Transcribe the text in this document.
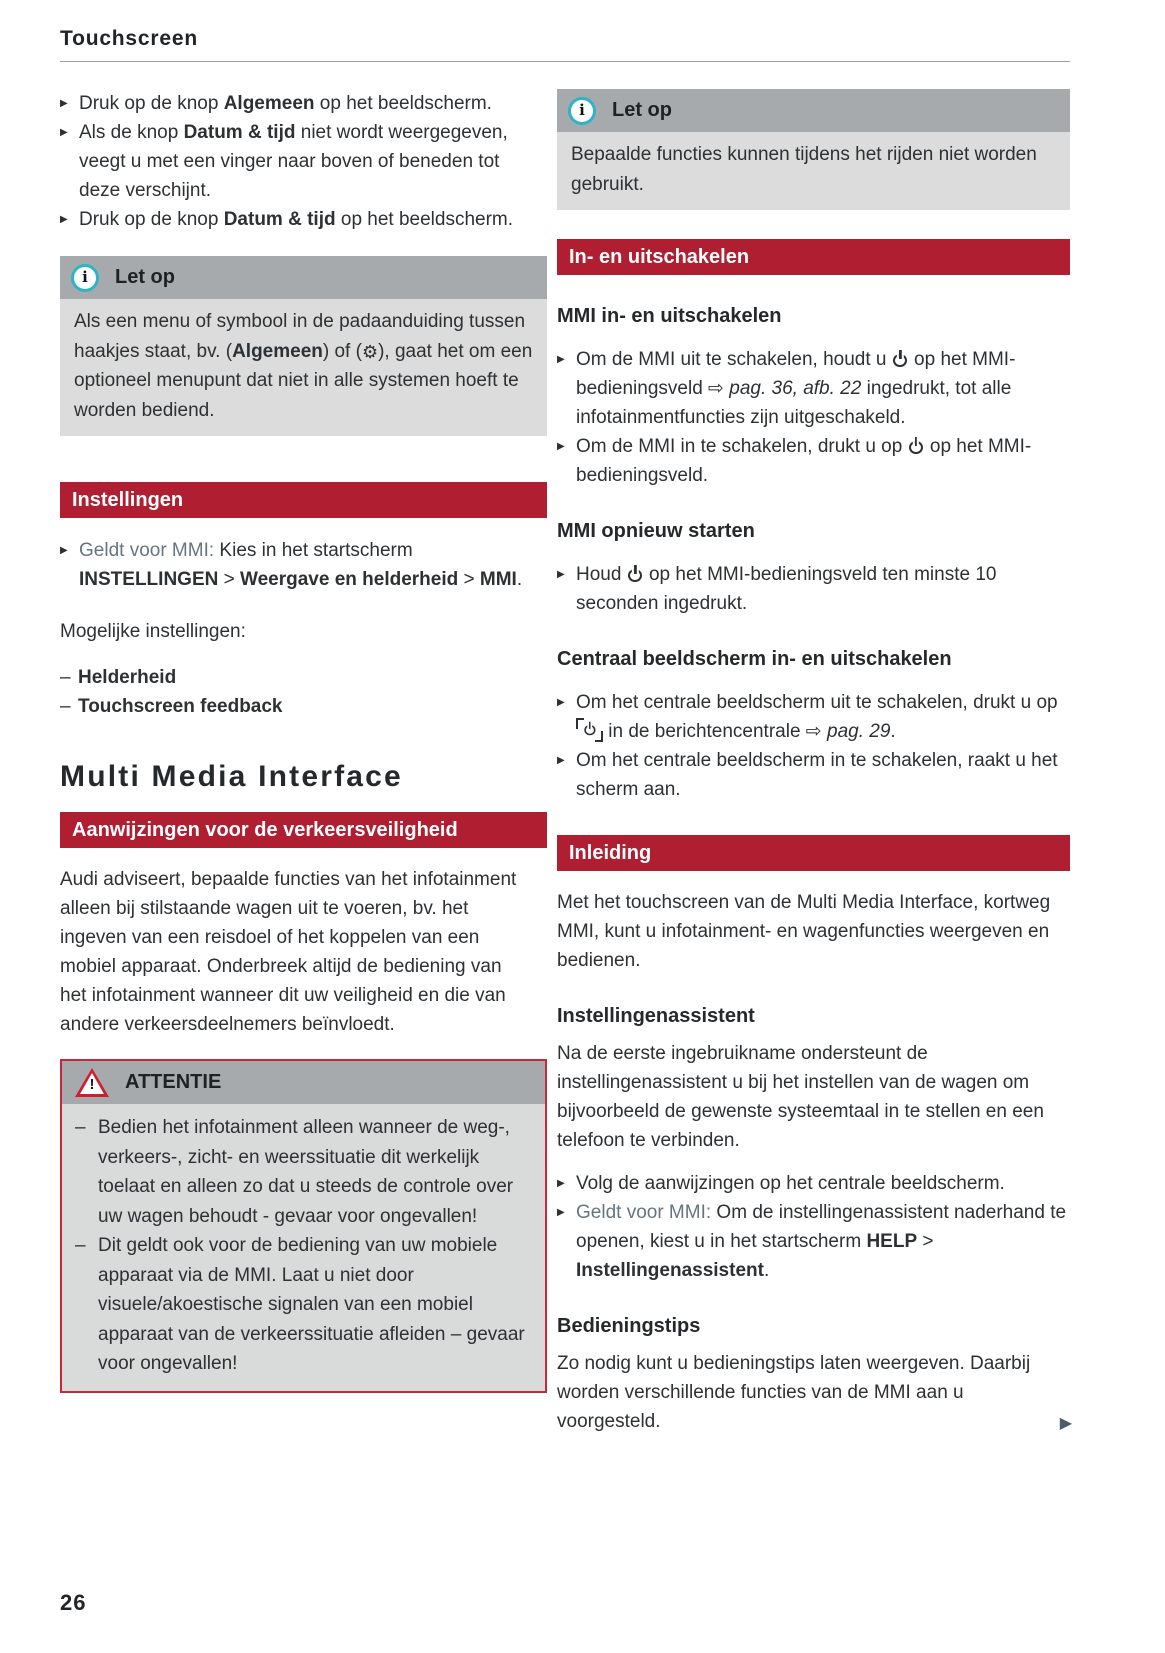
Touchscreen
▶ Druk op de knop Algemeen op het beeldscherm.
▶ Als de knop Datum & tijd niet wordt weergegeven, veegt u met een vinger naar boven of beneden tot deze verschijnt.
▶ Druk op de knop Datum & tijd op het beeldscherm.
i
Let op
Als een menu of symbool in de padaanduiding tussen haakjes staat, bv. (Algemeen) of (⚙), gaat het om een optioneel menupunt dat niet in alle systemen hoeft te worden bediend.
Instellingen
▶ Geldt voor MMI: Kies in het startscherm INSTELLINGEN > Weergave en helderheid > MMI.

Mogelijke instellingen:

– Helderheid
– Touchscreen feedback
Multi Media Interface
Aanwijzingen voor de verkeersveiligheid

Audi adviseert, bepaalde functies van het infotainment alleen bij stilstaande wagen uit te voeren, bv. het ingeven van een reisdoel of het koppelen van een mobiel apparaat. Onderbreek altijd de bediening van het infotainment wanneer dit uw veiligheid en die van andere verkeersdeelnemers beïnvloedt.

!
ATTENTIE
– Bedien het infotainment alleen wanneer de weg-, verkeers-, zicht- en weerssituatie dit werkelijk toelaat en alleen zo dat u steeds de controle over uw wagen behoudt - gevaar voor ongevallen!
– Dit geldt ook voor de bediening van uw mobiele apparaat via de MMI. Laat u niet door visuele/akoestische signalen van een mobiel apparaat van de verkeerssituatie afleiden – gevaar voor ongevallen!
i
Let op
Bepaalde functies kunnen tijdens het rijden niet worden gebruikt.
In- en uitschakelen
MMI in- en uitschakelen
▶ Om de MMI uit te schakelen, houdt u  op het MMI-bedieningsveld ⇨ pag. 36, afb. 22 ingedrukt, tot alle infotainmentfuncties zijn uitgeschakeld.
▶ Om de MMI in te schakelen, drukt u op  op het MMI-bedieningsveld.
MMI opnieuw starten
▶ Houd  op het MMI-bedieningsveld ten minste 10 seconden ingedrukt.
Centraal beeldscherm in- en uitschakelen
▶ Om het centrale beeldscherm uit te schakelen, drukt u op
in de berichtencentrale ⇨ pag. 29.
▶ Om het centrale beeldscherm in te schakelen, raakt u het scherm aan.
Inleiding

Met het touchscreen van de Multi Media Interface, kortweg MMI, kunt u infotainment- en wagenfuncties weergeven en bedienen.

Instellingenassistent

Na de eerste ingebruikname ondersteunt de instellingenassistent u bij het instellen van de wagen om bijvoorbeeld de gewenste systeemtaal in te stellen en een telefoon te verbinden.

▶ Volg de aanwijzingen op het centrale beeldscherm.
▶ Geldt voor MMI: Om de instellingenassistent naderhand te openen, kiest u in het startscherm HELP > Instellingenassistent.
Bedieningstips

Zo nodig kunt u bedieningstips laten weergeven. Daarbij worden verschillende functies van de MMI aan u voorgesteld.	▶

26
